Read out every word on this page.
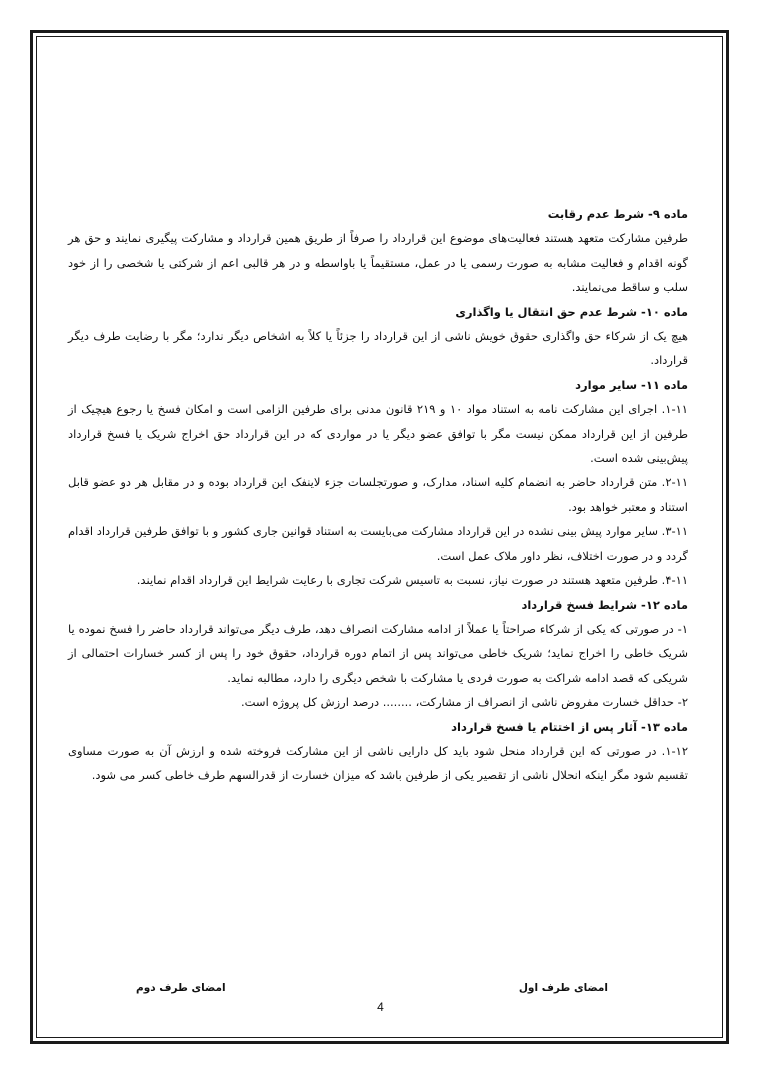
ماده ۹- شرط عدم رقابت

طرفین مشارکت متعهد هستند فعالیت‌های موضوع این قرارداد را صرفاً از طریق همین قرارداد و مشارکت پیگیری نمایند و حق هر گونه اقدام و فعالیت مشابه به صورت رسمی یا در عمل، مستقیماً یا باواسطه و در هر قالبی اعم از شرکتی یا شخصی را از خود سلب و ساقط می‌نمایند.

ماده ۱۰- شرط عدم حق انتقال یا واگذاری

هیچ یک از شرکاء حق واگذاری حقوق خویش ناشی از این قرارداد را جزئاً یا کلاً به اشخاص دیگر ندارد؛ مگر با رضایت طرف دیگر قرارداد.

ماده ۱۱- سایر موارد

۱-۱۱. اجرای این مشارکت نامه به استناد مواد ۱۰ و ۲۱۹ قانون مدنی برای طرفین الزامی است و امکان فسخ یا رجوع هیچیک از طرفین از این قرارداد ممکن نیست مگر با توافق عضو دیگر یا در مواردی که در این قرارداد حق اخراج شریک یا فسخ قرارداد پیش‌بینی شده است.

۲-۱۱. متن قرارداد حاضر به انضمام کلیه اسناد، مدارک، و صورتجلسات جزء لاینفک این قرارداد بوده و در مقابل هر دو عضو قابل استناد و معتبر خواهد بود.

۳-۱۱. سایر موارد پیش بینی نشده در این قرارداد مشارکت می‌بایست به استناد قوانین جاری کشور و با توافق طرفین قرارداد اقدام گردد و در صورت اختلاف، نظر داور ملاک عمل است.

۴-۱۱. طرفین متعهد هستند در صورت نیاز، نسبت به تاسیس شرکت تجاری با رعایت شرایط این قرارداد اقدام نمایند.

ماده ۱۲- شرایط فسخ قرارداد

۱- در صورتی که یکی از شرکاء صراحتاً یا عملاً از ادامه مشارکت انصراف دهد، طرف دیگر می‌تواند قرارداد حاضر را فسخ نموده یا شریک خاطی را اخراج نماید؛ شریک خاطی می‌تواند پس از اتمام دوره قرارداد، حقوق خود را پس از کسر خسارات احتمالی از شریکی که قصد ادامه شراکت به صورت فردی یا مشارکت با شخص دیگری را دارد، مطالبه نماید.

۲- حداقل خسارت مفروض ناشی از انصراف از مشارکت، ........ درصد ارزش کل پروژه است.

ماده ۱۳- آثار پس از اختتام یا فسخ قرارداد

۱-۱۲. در صورتی که این قرارداد منحل شود باید کل دارایی ناشی از این مشارکت فروخته شده و ارزش آن به صورت مساوی تقسیم شود مگر اینکه انحلال ناشی از تقصیر یکی از طرفین باشد که میزان خسارت از قدرالسهم طرف خاطی کسر می شود.

امضای طرف اول
امضای طرف دوم
4
